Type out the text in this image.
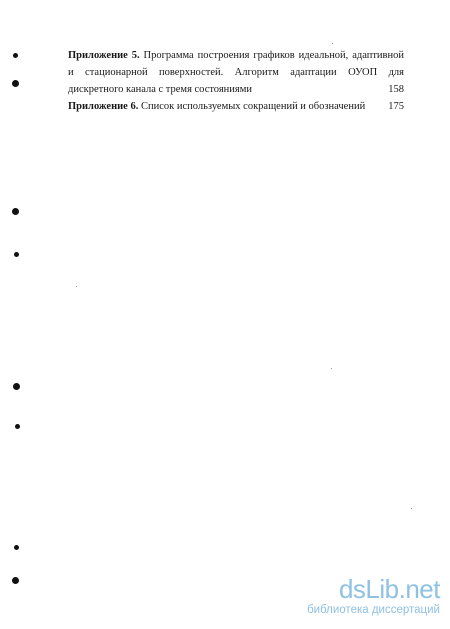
Приложение 5. Программа построения графиков идеальной, адаптивной
и стационарной поверхностей. Алгоритм адаптации ОУОП для
дискретного канала с тремя состояниями	158
Приложение 6. Список используемых сокращений и обозначений	175
dsLib.net
библиотека диссертаций
